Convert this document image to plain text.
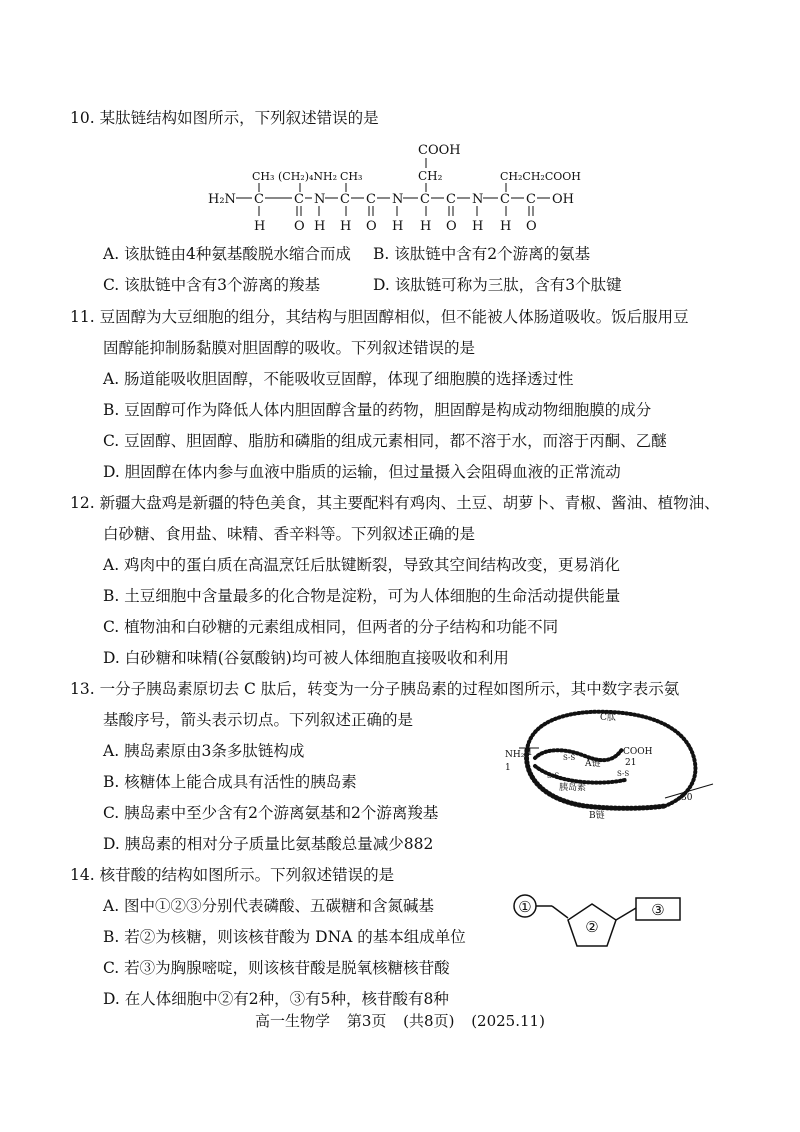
10. 某肽链结构如图所示，下列叙述错误的是
COOH
CH₂
CH₃ (CH₂)₄NH₂ CH₃	CH₂CH₂COOH
H₂N C C N C C N C C N C C OH
H O H H O H H O H H O
A. 该肽链由4种氨基酸脱水缩合而成 B. 该肽链中含有2个游离的氨基
C. 该肽链中含有3个游离的羧基	D. 该肽链可称为三肽，含有3个肽键
11. 豆固醇为大豆细胞的组分，其结构与胆固醇相似，但不能被人体肠道吸收。饭后服用豆
固醇能抑制肠黏膜对胆固醇的吸收。下列叙述错误的是
A. 肠道能吸收胆固醇，不能吸收豆固醇，体现了细胞膜的选择透过性
B. 豆固醇可作为降低人体内胆固醇含量的药物，胆固醇是构成动物细胞膜的成分
C. 豆固醇、胆固醇、脂肪和磷脂的组成元素相同，都不溶于水，而溶于丙酮、乙醚
D. 胆固醇在体内参与血液中脂质的运输，但过量摄入会阻碍血液的正常流动
12. 新疆大盘鸡是新疆的特色美食，其主要配料有鸡肉、土豆、胡萝卜、青椒、酱油、植物油、
白砂糖、食用盐、味精、香辛料等。下列叙述正确的是
A. 鸡肉中的蛋白质在高温烹饪后肽键断裂，导致其空间结构改变，更易消化
B. 土豆细胞中含量最多的化合物是淀粉，可为人体细胞的生命活动提供能量
C. 植物油和白砂糖的元素组成相同，但两者的分子结构和功能不同
D. 白砂糖和味精(谷氨酸钠)均可被人体细胞直接吸收和利用
13. 一分子胰岛素原切去 C 肽后，转变为一分子胰岛素的过程如图所示，其中数字表示氨
基酸序号，箭头表示切点。下列叙述正确的是
A. 胰岛素原由3条多肽链构成
B. 核糖体上能合成具有活性的胰岛素
C. 胰岛素中至少含有2个游离氨基和2个游离羧基
D. 胰岛素的相对分子质量比氨基酸总量减少882
C肽
NH₂ 1
1
COOH
21
A链
胰岛素
B链
30
S-S
S-S	S-S
14. 核苷酸的结构如图所示。下列叙述错误的是
A. 图中①②③分别代表磷酸、五碳糖和含氮碱基
B. 若②为核糖，则该核苷酸为 DNA 的基本组成单位
C. 若③为胸腺嘧啶，则该核苷酸是脱氧核糖核苷酸
D. 在人体细胞中②有2种，③有5种，核苷酸有8种
①
②
③
高一生物学 第3页 (共8页) (2025.11)
